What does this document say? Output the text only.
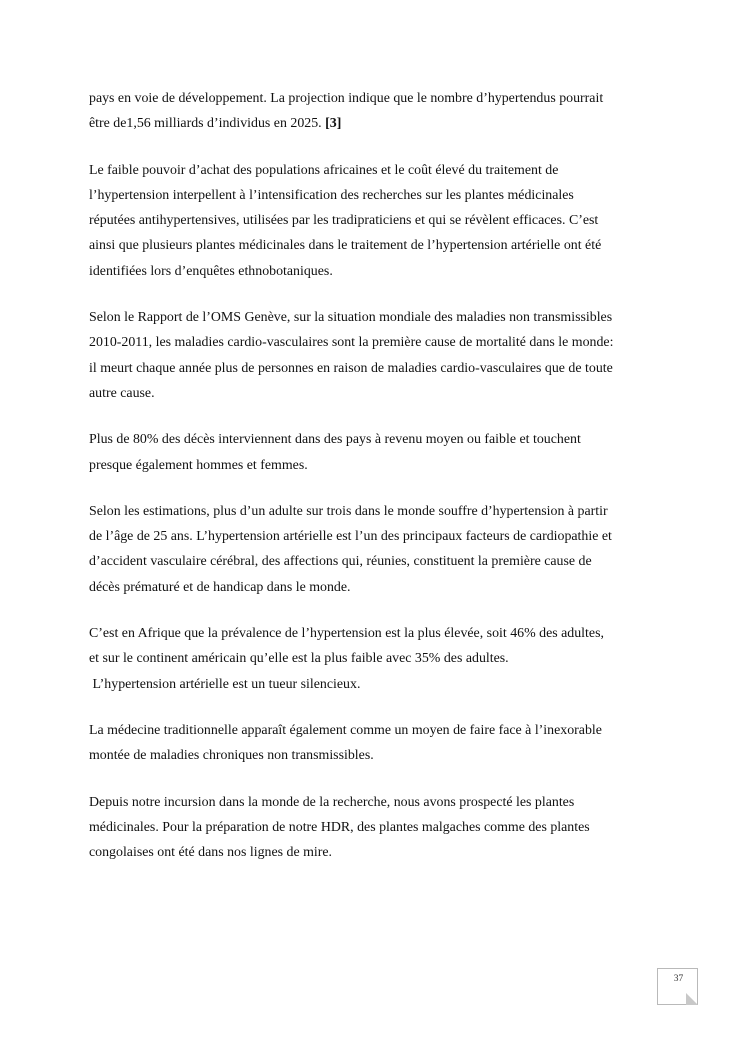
pays en voie de développement. La projection indique que le nombre d’hypertendus pourrait
être de1,56 milliards d’individus en 2025. [3]

Le faible pouvoir d’achat des populations africaines et le coût élevé du traitement de
l’hypertension interpellent à l’intensification des recherches sur les plantes médicinales
réputées antihypertensives, utilisées par les tradipraticiens et qui se révèlent efficaces. C’est
ainsi que plusieurs plantes médicinales dans le traitement de l’hypertension artérielle ont été
identifiées lors d’enquêtes ethnobotaniques.

Selon le Rapport de l’OMS Genève, sur la situation mondiale des maladies non transmissibles
2010-2011, les maladies cardio-vasculaires sont la première cause de mortalité dans le monde:
il meurt chaque année plus de personnes en raison de maladies cardio-vasculaires que de toute
autre cause.

Plus de 80% des décès interviennent dans des pays à revenu moyen ou faible et touchent
presque également hommes et femmes.

Selon les estimations, plus d’un adulte sur trois dans le monde souffre d’hypertension à partir
de l’âge de 25 ans. L’hypertension artérielle est l’un des principaux facteurs de cardiopathie et
d’accident vasculaire cérébral, des affections qui, réunies, constituent la première cause de
décès prématuré et de handicap dans le monde.

C’est en Afrique que la prévalence de l’hypertension est la plus élevée, soit 46% des adultes,
et sur le continent américain qu’elle est la plus faible avec 35% des adultes.
L’hypertension artérielle est un tueur silencieux.

La médecine traditionnelle apparaît également comme un moyen de faire face à l’inexorable
montée de maladies chroniques non transmissibles.

Depuis notre incursion dans la monde de la recherche, nous avons prospecté les plantes
médicinales. Pour la préparation de notre HDR, des plantes malgaches comme des plantes
congolaises ont été dans nos lignes de mire.

37
